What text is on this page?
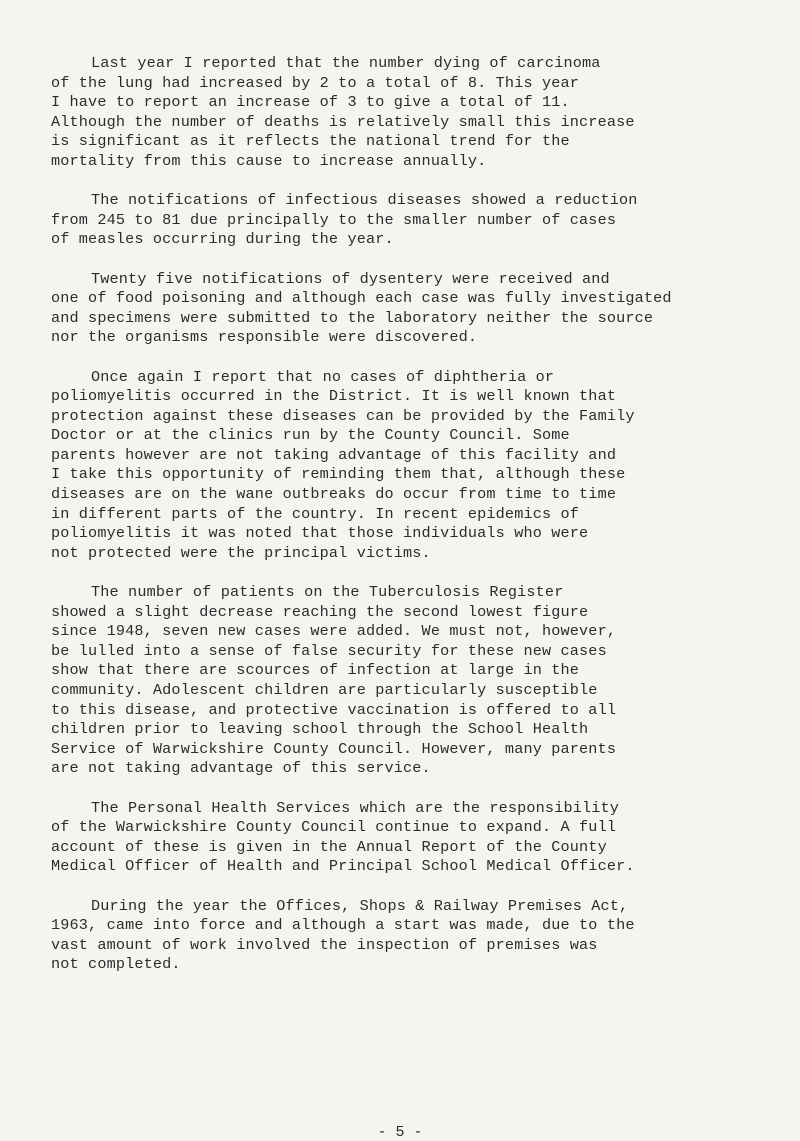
Last year I reported that the number dying of carcinoma
of the lung had increased by 2 to a total of 8. This year
I have to report an increase of 3 to give a total of 11.
Although the number of deaths is relatively small this increase
is significant as it reflects the national trend for the
mortality from this cause to increase annually.
The notifications of infectious diseases showed a reduction
from 245 to 81 due principally to the smaller number of cases
of measles occurring during the year.
Twenty five notifications of dysentery were received and
one of food poisoning and although each case was fully investigated
and specimens were submitted to the laboratory neither the source
nor the organisms responsible were discovered.
Once again I report that no cases of diphtheria or
poliomyelitis occurred in the District. It is well known that
protection against these diseases can be provided by the Family
Doctor or at the clinics run by the County Council. Some
parents however are not taking advantage of this facility and
I take this opportunity of reminding them that, although these
diseases are on the wane outbreaks do occur from time to time
in different parts of the country. In recent epidemics of
poliomyelitis it was noted that those individuals who were
not protected were the principal victims.
The number of patients on the Tuberculosis Register
showed a slight decrease reaching the second lowest figure
since 1948, seven new cases were added. We must not, however,
be lulled into a sense of false security for these new cases
show that there are scources of infection at large in the
community. Adolescent children are particularly susceptible
to this disease, and protective vaccination is offered to all
children prior to leaving school through the School Health
Service of Warwickshire County Council. However, many parents
are not taking advantage of this service.
The Personal Health Services which are the responsibility
of the Warwickshire County Council continue to expand. A full
account of these is given in the Annual Report of the County
Medical Officer of Health and Principal School Medical Officer.
During the year the Offices, Shops & Railway Premises Act,
1963, came into force and although a start was made, due to the
vast amount of work involved the inspection of premises was
not completed.
- 5 -
